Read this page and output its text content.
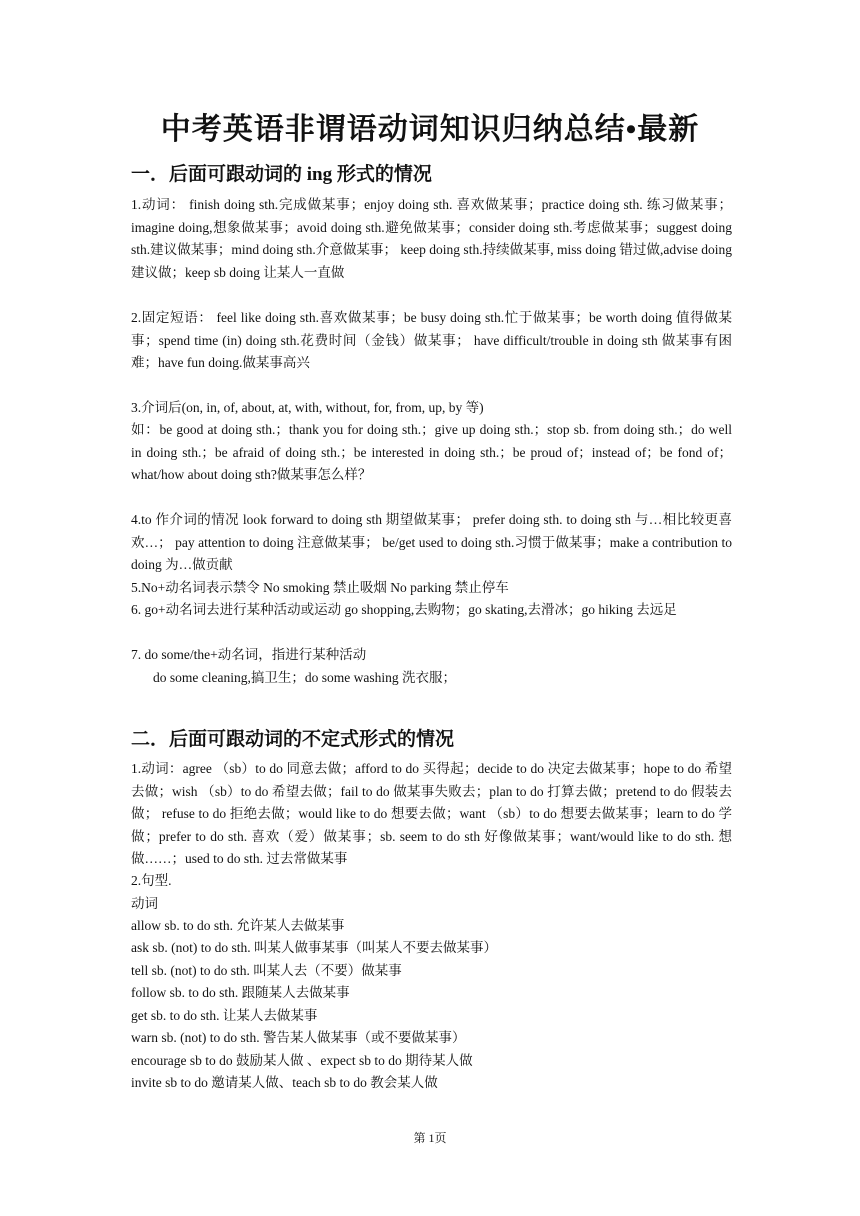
中考英语非谓语动词知识归纳总结•最新
一．后面可跟动词的 ing 形式的情况

1.动词： finish doing sth.完成做某事；enjoy doing sth. 喜欢做某事；practice doing sth. 练习做某事；imagine doing,想象做某事；avoid doing sth.避免做某事；consider doing sth.考虑做某事；suggest doing sth.建议做某事；mind doing sth.介意做某事； keep doing sth.持续做某事, miss doing 错过做,advise doing 建议做；keep sb doing 让某人一直做

2.固定短语： feel like doing sth.喜欢做某事；be busy doing sth.忙于做某事；be worth doing 值得做某事；spend time (in) doing sth.花费时间（金钱）做某事； have difficult/trouble in doing sth 做某事有困难；have fun doing.做某事高兴

3.介词后(on, in, of, about, at, with, without, for, from, up, by 等)

如：be good at doing sth.；thank you for doing sth.；give up doing sth.；stop sb. from doing sth.；do well in doing sth.；be afraid of doing sth.；be interested in doing sth.；be proud of；instead of；be fond of；what/how about doing sth?做某事怎么样？

4.to 作介词的情况 look forward to doing sth 期望做某事； prefer doing sth. to doing sth 与…相比较更喜欢…； pay attention to doing 注意做某事； be/get used to doing sth.习惯于做某事；make a contribution to doing 为…做贡献

5.No+动名词表示禁令 No smoking 禁止吸烟 No parking 禁止停车

6. go+动名词去进行某种活动或运动 go shopping,去购物；go skating,去滑冰；go hiking 去远足

7. do some/the+动名词，指进行某种活动

do some cleaning,搞卫生；do some washing 洗衣服；

二．后面可跟动词的不定式形式的情况

1.动词：agree （sb）to do 同意去做；afford to do 买得起；decide to do 决定去做某事；hope to do 希望去做；wish （sb）to do 希望去做；fail to do 做某事失败去；plan to do 打算去做；pretend to do 假装去做； refuse to do 拒绝去做；would like to do 想要去做；want （sb）to do 想要去做某事；learn to do 学做；prefer to do sth. 喜欢（爱）做某事；sb. seem to do sth 好像做某事；want/would like to do sth. 想做……；used to do sth. 过去常做某事

2.句型.

动词

allow sb. to do sth. 允许某人去做某事

ask sb. (not) to do sth. 叫某人做事某事（叫某人不要去做某事）

tell sb. (not) to do sth. 叫某人去（不要）做某事

follow sb. to do sth. 跟随某人去做某事

get sb. to do sth. 让某人去做某事

warn sb. (not) to do sth. 警告某人做某事（或不要做某事）

encourage sb to do 鼓励某人做 、expect sb to do 期待某人做

invite sb to do 邀请某人做、teach sb to do 教会某人做

第 1页
